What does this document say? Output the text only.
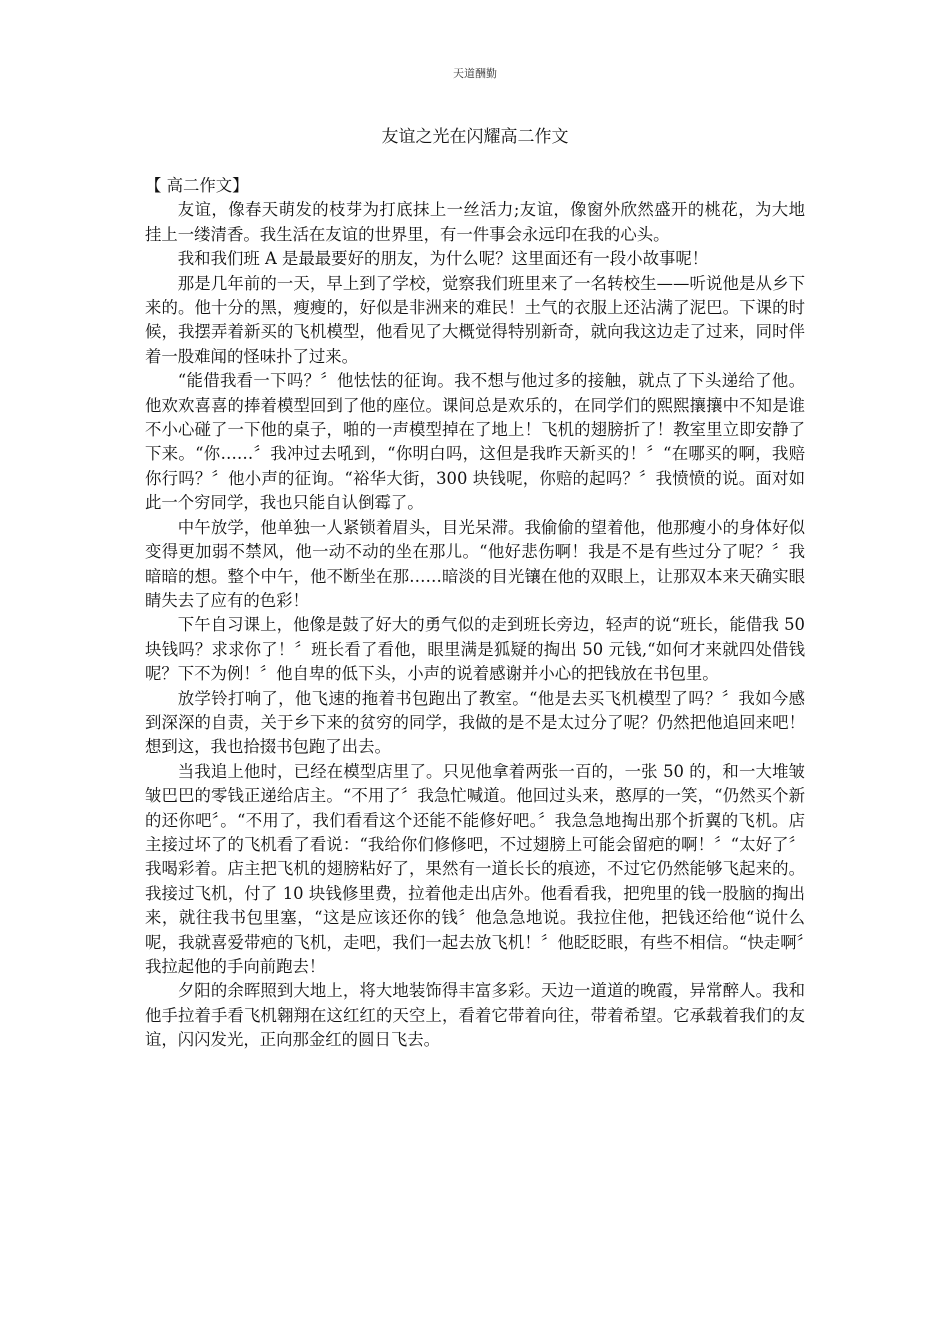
天道酬勤
友谊之光在闪耀高二作文

【 高二作文】

友谊，像春天萌发的枝芽为打底抹上一丝活力;友谊，像窗外欣然盛开的桃花，为大地挂上一缕清香。我生活在友谊的世界里，有一件事会永远印在我的心头。

我和我们班 A 是最最要好的朋友，为什么呢？这里面还有一段小故事呢！

那是几年前的一天，早上到了学校，觉察我们班里来了一名转校生——听说他是从乡下来的。他十分的黑，瘦瘦的，好似是非洲来的难民！土气的衣服上还沾满了泥巴。下课的时候，我摆弄着新买的飞机模型，他看见了大概觉得特别新奇，就向我这边走了过来，同时伴着一股难闻的怪味扑了过来。

“能借我看一下吗？〞他怯怯的征询。我不想与他过多的接触，就点了下头递给了他。他欢欢喜喜的捧着模型回到了他的座位。课间总是欢乐的，在同学们的熙熙攘攘中不知是谁不小心碰了一下他的桌子，啪的一声模型掉在了地上！飞机的翅膀折了！教室里立即安静了下来。“你……〞我冲过去吼到，“你明白吗，这但是我昨天新买的！〞“在哪买的啊，我赔你行吗？〞他小声的征询。“裕华大街，300 块钱呢，你赔的起吗？〞我愤愤的说。面对如此一个穷同学，我也只能自认倒霉了。

中午放学，他单独一人紧锁着眉头，目光呆滞。我偷偷的望着他，他那瘦小的身体好似变得更加弱不禁风，他一动不动的坐在那儿。“他好悲伤啊！我是不是有些过分了呢？〞我暗暗的想。整个中午，他不断坐在那……暗淡的目光镶在他的双眼上，让那双本来天确实眼睛失去了应有的色彩！

下午自习课上，他像是鼓了好大的勇气似的走到班长旁边，轻声的说“班长，能借我 50 块钱吗？求求你了！〞班长看了看他，眼里满是狐疑的掏出 50 元钱,“如何才来就四处借钱呢？下不为例！〞他自卑的低下头，小声的说着感谢并小心的把钱放在书包里。

放学铃打响了，他飞速的拖着书包跑出了教室。“他是去买飞机模型了吗？〞我如今感到深深的自责，关于乡下来的贫穷的同学，我做的是不是太过分了呢？仍然把他追回来吧！想到这，我也拾掇书包跑了出去。

当我追上他时，已经在模型店里了。只见他拿着两张一百的，一张 50 的，和一大堆皱皱巴巴的零钱正递给店主。“不用了〞我急忙喊道。他回过头来，憨厚的一笑，“仍然买个新的还你吧〞。“不用了，我们看看这个还能不能修好吧。〞我急急地掏出那个折翼的飞机。店主接过坏了的飞机看了看说：“我给你们修修吧，不过翅膀上可能会留疤的啊！〞“太好了〞我喝彩着。店主把飞机的翅膀粘好了，果然有一道长长的痕迹，不过它仍然能够飞起来的。我接过飞机，付了 10 块钱修里费，拉着他走出店外。他看看我，把兜里的钱一股脑的掏出来，就往我书包里塞，“这是应该还你的钱〞他急急地说。我拉住他，把钱还给他“说什么呢，我就喜爱带疤的飞机，走吧，我们一起去放飞机！〞他眨眨眼，有些不相信。“快走啊〞我拉起他的手向前跑去！

夕阳的余晖照到大地上，将大地装饰得丰富多彩。天边一道道的晚霞，异常醉人。我和他手拉着手看飞机翱翔在这红红的天空上，看着它带着向往，带着希望。它承载着我们的友谊，闪闪发光，正向那金红的圆日飞去。
